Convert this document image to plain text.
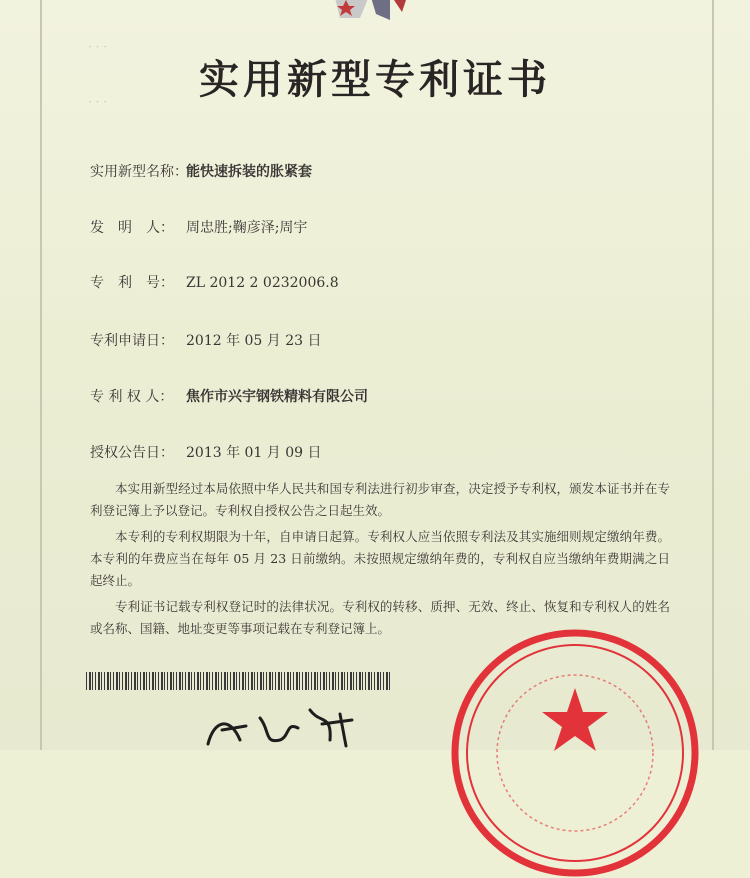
· · ·
· · ·	实用新型专利证书
实用新型名称：能快速拆装的胀紧套
发　明　人： 周忠胜;鞠彦泽;周宇
专　利　号： ZL 2012 2 0232006.8
专利申请日： 2012 年 05 月 23 日
专 利 权 人： 焦作市兴宇钢铁精料有限公司
授权公告日： 2013 年 01 月 09 日

本实用新型经过本局依照中华人民共和国专利法进行初步审查，决定授予专利权，颁发本证书并在专利登记簿上予以登记。专利权自授权公告之日起生效。

本专利的专利权期限为十年，自申请日起算。专利权人应当依照专利法及其实施细则规定缴纳年费。本专利的年费应当在每年 05 月 23 日前缴纳。未按照规定缴纳年费的，专利权自应当缴纳年费期满之日起终止。

专利证书记载专利权登记时的法律状况。专利权的转移、质押、无效、终止、恢复和专利权人的姓名或名称、国籍、地址变更等事项记载在专利登记簿上。
